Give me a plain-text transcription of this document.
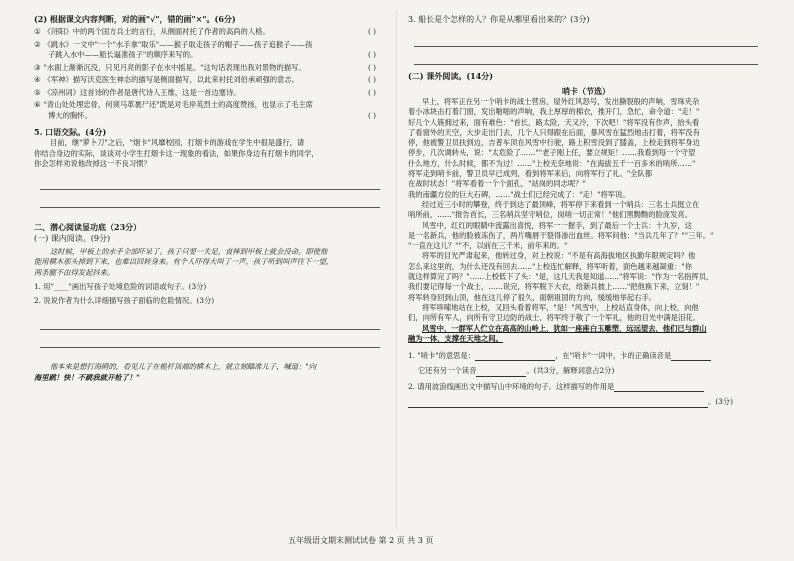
(2) 根据课文内容判断，对的画"√"，错的画"×"。(6分)
① 《浔阳》中的两个国方兵士的言行，从侧面衬托了作者的高尚的人格。	( )
② 《跳水》一文中"一个"水手拿"取乐"——猴子取走孩子的帽子——孩子追猴子——孩
子跳入水中——船长逼准孩子"的顺序来写的。	( )
③ "水面上渐渐沉没，只见月亮的影子在水中摇晃。"这句话表现出我对景物的描写。	( )
④ 《军神》描写沃克医生神态的描写是侧面描写，以此来衬托刘伯承顽强的意志。	( )
⑤ 《凉州词》这首诗的作者是唐代诗人王维，这是一首边塞诗。	( )
⑥ "青山处处埋忠骨，何须马革裹尸还"既是对毛岸英烈士的高度赞扬，也显示了毛主席
博大的胸怀。	( )
5. 口语交际。(4分)
目前，继"萝卜刀"之后，"烟卡"风靡校园，打烟卡的游戏在学生中很是盛行，请
你结合身边的实际，谈谈对小学生打烟卡这一现象的看法，如果你身边有打烟卡的同学，
你会怎样劝说他改掉这一不良习惯？
二、潜心阅读显功底（23分）
(一) 课内阅读。(9分)
这时候，甲板上的水手全部吓呆了。孩子只要一失足，直摔到甲板上就会没命。即使他
能用横木那头掉到下来，也难以回转身来。有个人吓得大叫了一声，孩子听到叫声往下一望，
两条腿不由得发起抖来。
1. 用"____"画出写孩子处境危险的词语或句子。(3分)
2. 说说作者为什么详细描写孩子面临的危险情况。(3分)
他本来是想打海鸥的，看见儿子在桅杆顶端的横木上，就立刻瞄准儿子，喊道："向
海里跳！快！不跳我就开枪了！"
3. 船长是个怎样的人？你是从哪里看出来的？(3分)
(二) 课外阅读。(14分)
哨卡（节选）
早上，将军正在另一个哨卡的战士营房，屋外红风怒号，发出撕裂般的声响，雪珠夹杂
着小冰块击打着门窗，发出啪啪的声响，我上厚厚的棉衣，推开门，急忙，命令道："走！"
好几个人簇拥过来，面有难色："首长，路太险，天又冷，下次吧！"将军没有作声，抬头看
了看窗外的天空，大步走出门去，几个人只得跟在后面，暴风雪在猛烈地击打着，将军没有
停，他被警卫员扶到边，吉普车顶在风雪中行驶，路上积雪没到了膝盖，上校走到将军身边
停步，几次调转头，说："太危险了……""老子刚上任，要立规矩！……我看到每一个守望
什么地方，什么时候，都不为过！……"上校无奈地说："在海拔五千一百多米的哨所……"
将军走到哨卡前，警卫员早已成列，看到将军来后，向将军行了礼。"全队都
在战时状态！"将军看着一个个面孔，"站岗的同志呢？"
我的南疆方位的巨大石碑，……"战士们已经完成了："走！"将军说。
经过近三小时的攀登，终于到达了最顶峰，将军停下来看到一个哨兵：三名士兵挺立在
哨所前，……"报告首长，三名哨兵坚守哨位，岗哨一切正常！"他们黑黝黝的脸庞发亮。
风雪中，红红的眼睛中流露出喜悦，将军一一握手，到了最后一个士兵：十九岁，这
是一名新兵，他的脸被冻伤了，两片嘴唇干裂得渗出血丝。将军问他："当兵几年了？""三年。"
"一直在这儿？""不，以前在三千米，前年来的。"
将军的目光严肃起来，他转过身，对上校说："不是有高海拔地区执勤年限规定吗？他
怎么来这里的，为什么还没有回去……"上校连忙解释，将军听着，面色越来越凝重："你
就这样算完了吗？"……上校低下了头："是，这几天我是知道……"将军说："作为一名指挥员，
我们要记得每一个战士，……说完，将军脱下大衣，给新兵披上……"把他换下来，立刻！"
将军转身回到山顶，他在这儿停了很久，面朝祖国的方向，缓缓地举起右手。
将军哆嗦地站在上校，又回头看着将军，"是！"风雪中，上校站直身体，向上校，向他
们，向所有军人，向所有守卫边防的战士，将军终于敬了一个军礼，他的目光中满是泪花。
风雪中，一群军人伫立在高高的山岭上，犹如一座座白玉雕塑，远远望去，他们已与群山
融为一体，支撑在天地之间。
1. "哨卡"的意思是：	，在"哨卡"一词中，卡的正确读音是
它还有另一个读音	。(共3分，解释词意占2分)
2. 请用波浪线画出文中描写山中环境的句子。这样描写的作用是
。(3分)
五年级语文期末测试试卷 第 2 页 共 3 页
